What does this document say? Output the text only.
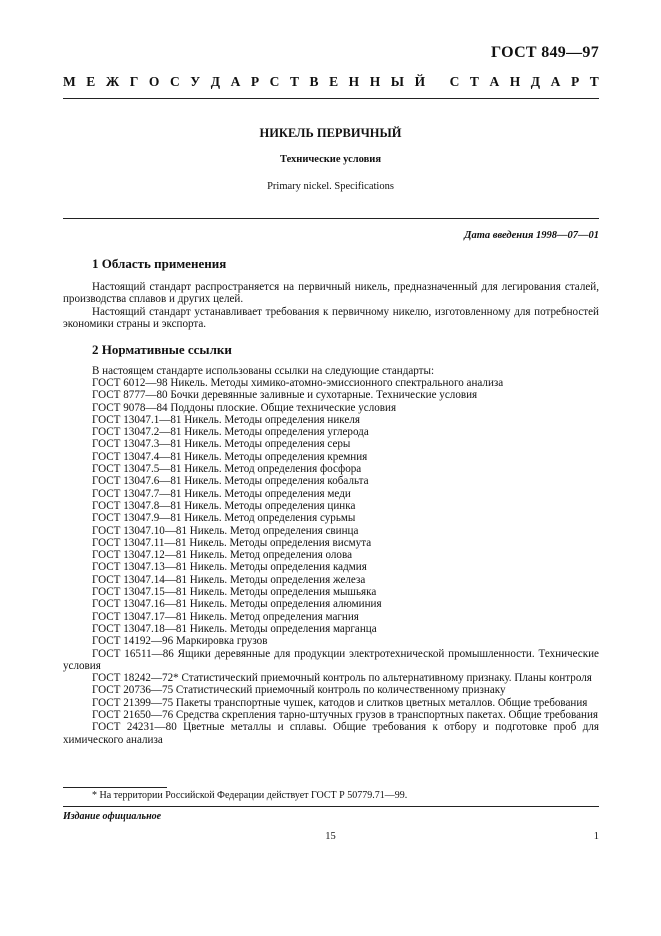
ГОСТ 849—97
М Е Ж Г О С У Д А Р С Т В Е Н Н Ы Й
С Т А Н Д А Р Т
НИКЕЛЬ ПЕРВИЧНЫЙ
Технические условия
Primary nickel. Specifications
Дата введения 1998—07—01
1 Область применения
Настоящий стандарт распространяется на первичный никель, предназначенный для легирования сталей, производства сплавов и других целей.
Настоящий стандарт устанавливает требования к первичному никелю, изготовленному для потребностей экономики страны и экспорта.
2 Нормативные ссылки
В настоящем стандарте использованы ссылки на следующие стандарты:
ГОСТ 6012—98 Никель. Методы химико-атомно-эмиссионного спектрального анализа
ГОСТ 8777—80 Бочки деревянные заливные и сухотарные. Технические условия
ГОСТ 9078—84 Поддоны плоские. Общие технические условия
ГОСТ 13047.1—81 Никель. Методы определения никеля
ГОСТ 13047.2—81 Никель. Методы определения углерода
ГОСТ 13047.3—81 Никель. Методы определения серы
ГОСТ 13047.4—81 Никель. Методы определения кремния
ГОСТ 13047.5—81 Никель. Метод определения фосфора
ГОСТ 13047.6—81 Никель. Методы определения кобальта
ГОСТ 13047.7—81 Никель. Методы определения меди
ГОСТ 13047.8—81 Никель. Методы определения цинка
ГОСТ 13047.9—81 Никель. Метод определения сурьмы
ГОСТ 13047.10—81 Никель. Метод определения свинца
ГОСТ 13047.11—81 Никель. Методы определения висмута
ГОСТ 13047.12—81 Никель. Метод определения олова
ГОСТ 13047.13—81 Никель. Методы определения кадмия
ГОСТ 13047.14—81 Никель. Методы определения железа
ГОСТ 13047.15—81 Никель. Методы определения мышьяка
ГОСТ 13047.16—81 Никель. Методы определения алюминия
ГОСТ 13047.17—81 Никель. Метод определения магния
ГОСТ 13047.18—81 Никель. Методы определения марганца
ГОСТ 14192—96 Маркировка грузов
ГОСТ 16511—86 Ящики деревянные для продукции электротехнической промышленности. Технические условия
ГОСТ 18242—72* Статистический приемочный контроль по альтернативному признаку. Планы контроля
ГОСТ 20736—75 Статистический приемочный контроль по количественному признаку
ГОСТ 21399—75 Пакеты транспортные чушек, катодов и слитков цветных металлов. Общие требования
ГОСТ 21650—76 Средства скрепления тарно-штучных грузов в транспортных пакетах. Общие требования
ГОСТ 24231—80 Цветные металлы и сплавы. Общие требования к отбору и подготовке проб для химического анализа
* На территории Российской Федерации действует ГОСТ Р 50779.71—99.
Издание официальное
15	1
